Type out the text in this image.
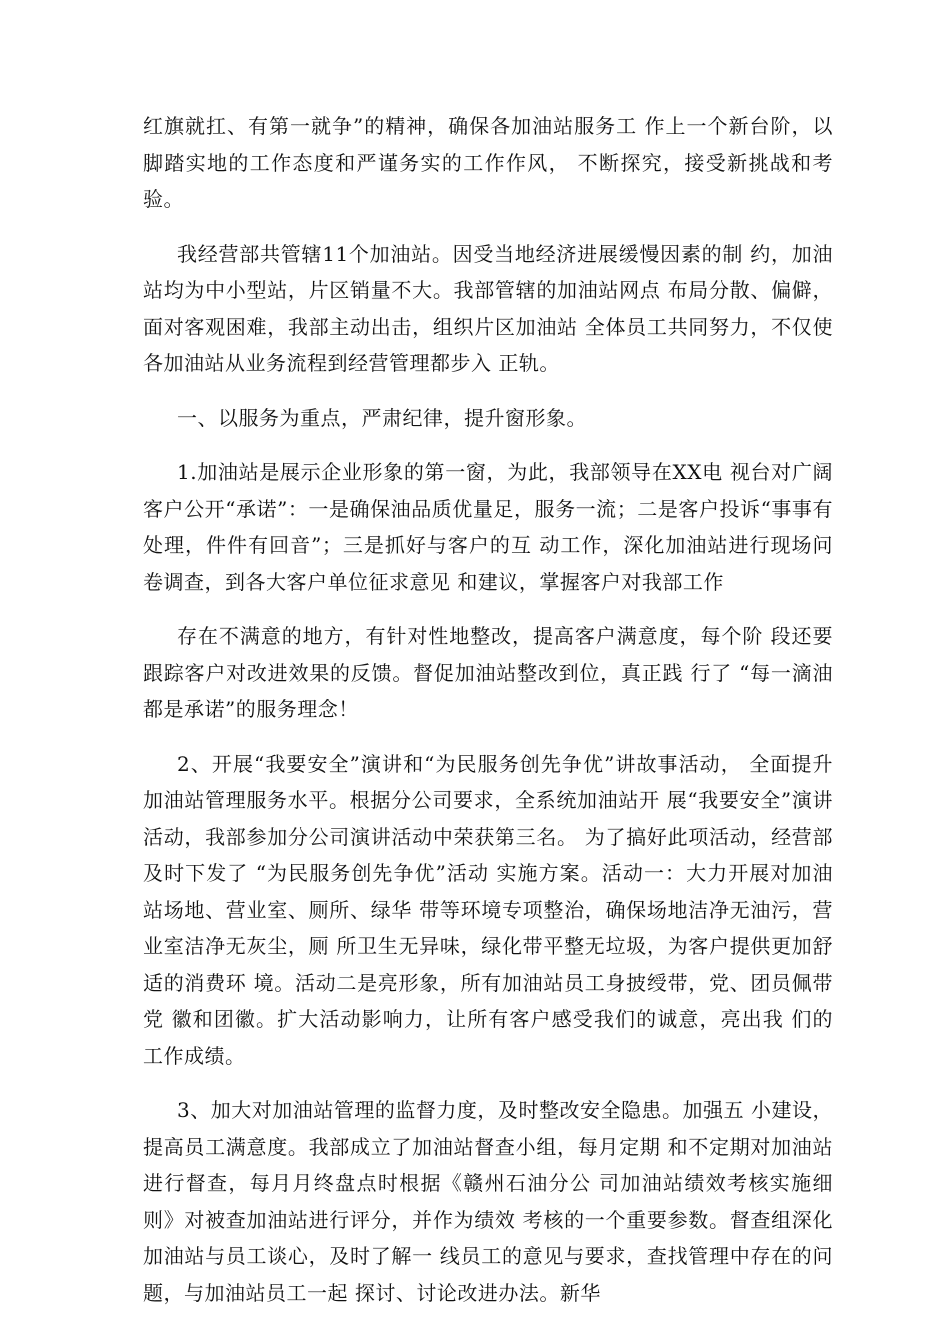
红旗就扛、有第一就争”的精神，确保各加油站服务工 作上一个新台阶，以脚踏实地的工作态度和严谨务实的工作作风， 不断探究，接受新挑战和考验。

我经营部共管辖11个加油站。因受当地经济进展缓慢因素的制 约，加油站均为中小型站，片区销量不大。我部管辖的加油站网点 布局分散、偏僻，面对客观困难，我部主动出击，组织片区加油站 全体员工共同努力，不仅使各加油站从业务流程到经营管理都步入 正轨。

一、以服务为重点，严肃纪律，提升窗形象。

1.加油站是展示企业形象的第一窗，为此，我部领导在XX电 视台对广阔客户公开“承诺”：一是确保油品质优量足，服务一流；二是客户投诉“事事有处理，件件有回音”；三是抓好与客户的互 动工作，深化加油站进行现场问卷调查，到各大客户单位征求意见 和建议，掌握客户对我部工作

存在不满意的地方，有针对性地整改，提高客户满意度，每个阶 段还要跟踪客户对改进效果的反馈。督促加油站整改到位，真正践 行了 “每一滴油都是承诺”的服务理念！

2、开展“我要安全”演讲和“为民服务创先争优”讲故事活动， 全面提升加油站管理服务水平。根据分公司要求，全系统加油站开 展“我要安全”演讲活动，我部参加分公司演讲活动中荣获第三名。 为了搞好此项活动，经营部及时下发了 “为民服务创先争优”活动 实施方案。活动一：大力开展对加油站场地、营业室、厕所、绿华 带等环境专项整治，确保场地洁净无油污，营业室洁净无灰尘，厕 所卫生无异味，绿化带平整无垃圾，为客户提供更加舒适的消费环 境。活动二是亮形象，所有加油站员工身披绶带，党、团员佩带党 徽和团徽。扩大活动影响力，让所有客户感受我们的诚意，亮出我 们的工作成绩。

3、加大对加油站管理的监督力度，及时整改安全隐患。加强五 小建设，提高员工满意度。我部成立了加油站督查小组，每月定期 和不定期对加油站进行督查，每月月终盘点时根据《赣州石油分公 司加油站绩效考核实施细则》对被查加油站进行评分，并作为绩效 考核的一个重要参数。督查组深化加油站与员工谈心，及时了解一 线员工的意见与要求，查找管理中存在的问题，与加油站员工一起 探讨、讨论改进办法。新华
